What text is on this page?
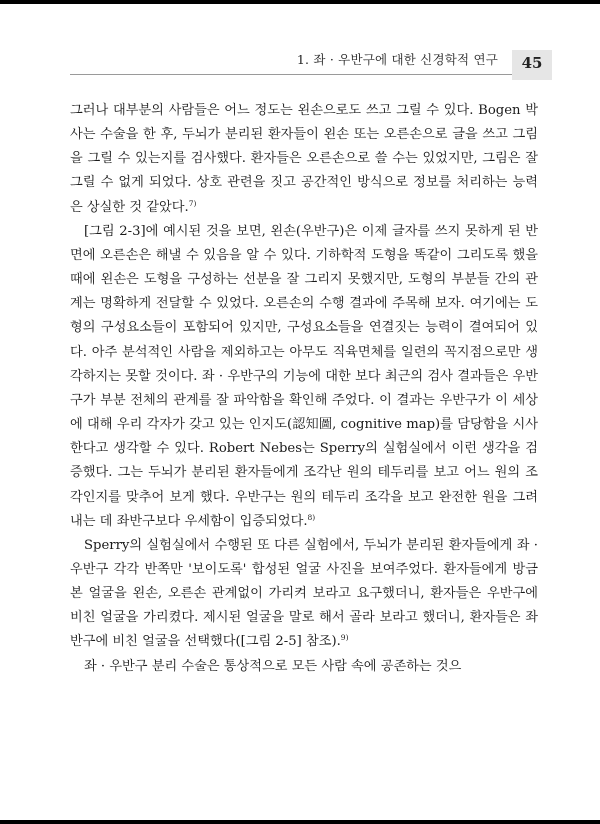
1. 좌 · 우반구에 대한 신경학적 연구	45

그러나 대부분의 사람들은 어느 정도는 왼손으로도 쓰고 그릴 수 있다. Bogen 박사는 수술을 한 후, 두뇌가 분리된 환자들이 왼손 또는 오른손으로 글을 쓰고 그림을 그릴 수 있는지를 검사했다. 환자들은 오른손으로 쓸 수는 있었지만, 그림은 잘 그릴 수 없게 되었다. 상호 관련을 짓고 공간적인 방식으로 정보를 처리하는 능력은 상실한 것 같았다.$^{7)}$

[그림 2-3]에 예시된 것을 보면, 왼손(우반구)은 이제 글자를 쓰지 못하게 된 반면에 오른손은 해낼 수 있음을 알 수 있다. 기하학적 도형을 똑같이 그리도록 했을 때에 왼손은 도형을 구성하는 선분을 잘 그리지 못했지만, 도형의 부분들 간의 관계는 명확하게 전달할 수 있었다. 오른손의 수행 결과에 주목해 보자. 여기에는 도형의 구성요소들이 포함되어 있지만, 구성요소들을 연결짓는 능력이 결여되어 있다. 아주 분석적인 사람을 제외하고는 아무도 직육면체를 일련의 꼭지점으로만 생각하지는 못할 것이다. 좌 · 우반구의 기능에 대한 보다 최근의 검사 결과들은 우반구가 부분 전체의 관계를 잘 파악함을 확인해 주었다. 이 결과는 우반구가 이 세상에 대해 우리 각자가 갖고 있는 인지도(認知圖, cognitive map)를 담당함을 시사한다고 생각할 수 있다. Robert Nebes는 Sperry의 실험실에서 이런 생각을 검증했다. 그는 두뇌가 분리된 환자들에게 조각난 원의 테두리를 보고 어느 원의 조각인지를 맞추어 보게 했다. 우반구는 원의 테두리 조각을 보고 완전한 원을 그려내는 데 좌반구보다 우세함이 입증되었다.$^{8)}$

Sperry의 실험실에서 수행된 또 다른 실험에서, 두뇌가 분리된 환자들에게 좌 · 우반구 각각 반쪽만 '보이도록' 합성된 얼굴 사진을 보여주었다. 환자들에게 방금 본 얼굴을 왼손, 오른손 관계없이 가리켜 보라고 요구했더니, 환자들은 우반구에 비친 얼굴을 가리켰다. 제시된 얼굴을 말로 해서 골라 보라고 했더니, 환자들은 좌반구에 비친 얼굴을 선택했다([그림 2-5] 참조).$^{9)}$

좌 · 우반구 분리 수술은 통상적으로 모든 사람 속에 공존하는 것으
